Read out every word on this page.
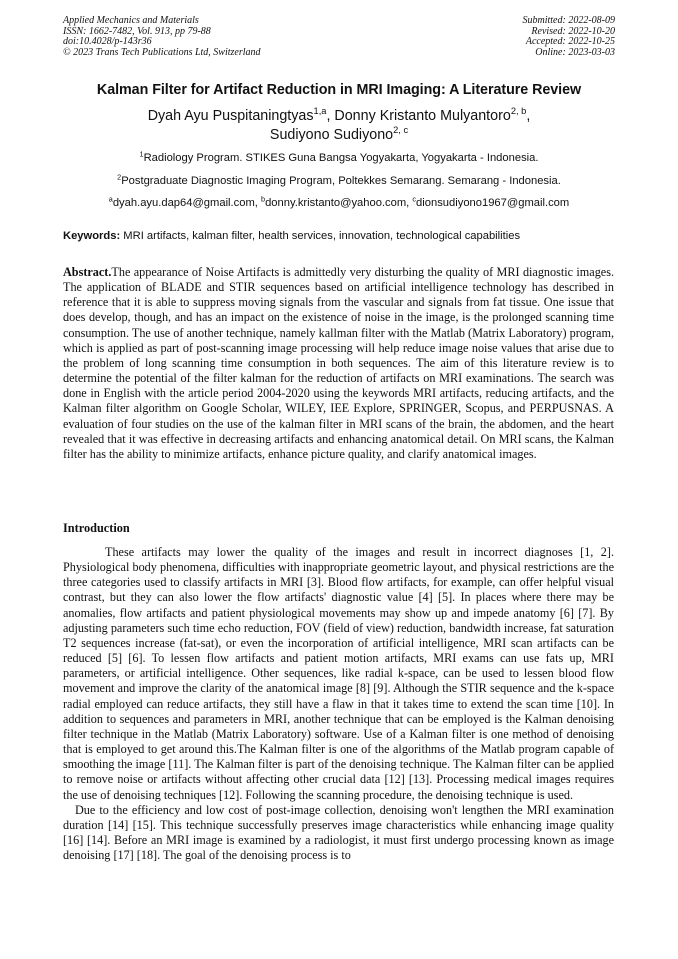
Applied Mechanics and Materials
ISSN: 1662-7482, Vol. 913, pp 79-88
doi:10.4028/p-143r36
© 2023 Trans Tech Publications Ltd, Switzerland
Submitted: 2022-08-09
Revised: 2022-10-20
Accepted: 2022-10-25
Online: 2023-03-03
Kalman Filter for Artifact Reduction in MRI Imaging: A Literature Review
Dyah Ayu Puspitaningtyas$^{1,a}$, Donny Kristanto Mulyantoro$^{2, b}$,
Sudiyono Sudiyono$^{2, c}$
$^1$Radiology Program. STIKES Guna Bangsa Yogyakarta, Yogyakarta - Indonesia.
$^2$Postgraduate Diagnostic Imaging Program, Poltekkes Semarang. Semarang - Indonesia.
$^a$dyah.ayu.dap64@gmail.com, $^b$donny.kristanto@yahoo.com, $^c$dionsudiyono1967@gmail.com
Keywords: MRI artifacts, kalman filter, health services, innovation, technological capabilities
Abstract.The appearance of Noise Artifacts is admittedly very disturbing the quality of MRI diagnostic images. The application of BLADE and STIR sequences based on artificial intelligence technology has described in reference that it is able to suppress moving signals from the vascular and signals from fat tissue. One issue that does develop, though, and has an impact on the existence of noise in the image, is the prolonged scanning time consumption. The use of another technique, namely kallman filter with the Matlab (Matrix Laboratory) program, which is applied as part of post-scanning image processing will help reduce image noise values that arise due to the problem of long scanning time consumption in both sequences. The aim of this literature review is to determine the potential of the filter kalman for the reduction of artifacts on MRI examinations. The search was done in English with the article period 2004-2020 using the keywords MRI artifacts, reducing artifacts, and the Kalman filter algorithm on Google Scholar, WILEY, IEE Explore, SPRINGER, Scopus, and PERPUSNAS. A evaluation of four studies on the use of the kalman filter in MRI scans of the brain, the abdomen, and the heart revealed that it was effective in decreasing artifacts and enhancing anatomical detail. On MRI scans, the Kalman filter has the ability to minimize artifacts, enhance picture quality, and clarify anatomical images.
Introduction

These artifacts may lower the quality of the images and result in incorrect diagnoses [1, 2]. Physiological body phenomena, difficulties with inappropriate geometric layout, and physical restrictions are the three categories used to classify artifacts in MRI [3]. Blood flow artifacts, for example, can offer helpful visual contrast, but they can also lower the flow artifacts' diagnostic value [4] [5]. In places where there may be anomalies, flow artifacts and patient physiological movements may show up and impede anatomy [6] [7]. By adjusting parameters such time echo reduction, FOV (field of view) reduction, bandwidth increase, fat saturation T2 sequences increase (fat-sat), or even the incorporation of artificial intelligence, MRI scan artifacts can be reduced [5] [6]. To lessen flow artifacts and patient motion artifacts, MRI exams can use fats up, MRI parameters, or artificial intelligence. Other sequences, like radial k-space, can be used to lessen blood flow movement and improve the clarity of the anatomical image [8] [9]. Although the STIR sequence and the k-space radial employed can reduce artifacts, they still have a flaw in that it takes time to extend the scan time [10]. In addition to sequences and parameters in MRI, another technique that can be employed is the Kalman denoising filter technique in the Matlab (Matrix Laboratory) software. Use of a Kalman filter is one method of denoising that is employed to get around this.The Kalman filter is one of the algorithms of the Matlab program capable of smoothing the image [11]. The Kalman filter is part of the denoising technique. The Kalman filter can be applied to remove noise or artifacts without affecting other crucial data [12] [13]. Processing medical images requires the use of denoising techniques [12]. Following the scanning procedure, the denoising technique is used.

Due to the efficiency and low cost of post-image collection, denoising won't lengthen the MRI examination duration [14] [15]. This technique successfully preserves image characteristics while enhancing image quality [16] [14]. Before an MRI image is examined by a radiologist, it must first undergo processing known as image denoising [17] [18]. The goal of the denoising process is to
